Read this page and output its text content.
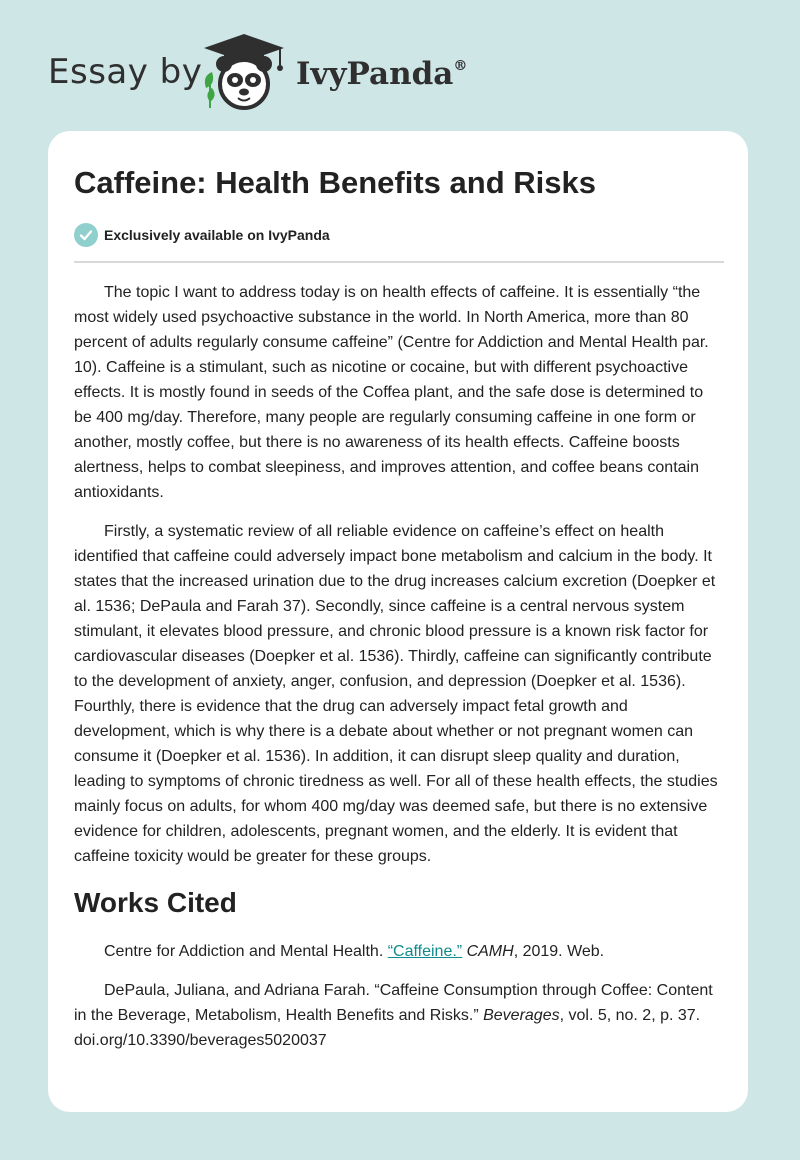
Essay by	IvyPanda®
Caffeine: Health Benefits and Risks
Exclusively available on IvyPanda

The topic I want to address today is on health effects of caffeine. It is essentially “the most widely used psychoactive substance in the world. In North America, more than 80 percent of adults regularly consume caffeine” (Centre for Addiction and Mental Health par. 10). Caffeine is a stimulant, such as nicotine or cocaine, but with different psychoactive effects. It is mostly found in seeds of the Coffea plant, and the safe dose is determined to be 400 mg/day. Therefore, many people are regularly consuming caffeine in one form or another, mostly coffee, but there is no awareness of its health effects. Caffeine boosts alertness, helps to combat sleepiness, and improves attention, and coffee beans contain antioxidants.

Firstly, a systematic review of all reliable evidence on caffeine’s effect on health identified that caffeine could adversely impact bone metabolism and calcium in the body. It states that the increased urination due to the drug increases calcium excretion (Doepker et al. 1536; DePaula and Farah 37). Secondly, since caffeine is a central nervous system stimulant, it elevates blood pressure, and chronic blood pressure is a known risk factor for cardiovascular diseases (Doepker et al. 1536). Thirdly, caffeine can significantly contribute to the development of anxiety, anger, confusion, and depression (Doepker et al. 1536). Fourthly, there is evidence that the drug can adversely impact fetal growth and development, which is why there is a debate about whether or not pregnant women can consume it (Doepker et al. 1536). In addition, it can disrupt sleep quality and duration, leading to symptoms of chronic tiredness as well. For all of these health effects, the studies mainly focus on adults, for whom 400 mg/day was deemed safe, but there is no extensive evidence for children, adolescents, pregnant women, and the elderly. It is evident that caffeine toxicity would be greater for these groups.

Works Cited

Centre for Addiction and Mental Health. “Caffeine.” CAMH, 2019. Web.

DePaula, Juliana, and Adriana Farah. “Caffeine Consumption through Coffee: Content in the Beverage, Metabolism, Health Benefits and Risks.” Beverages, vol. 5, no. 2, p. 37. doi.org/10.3390/beverages5020037
